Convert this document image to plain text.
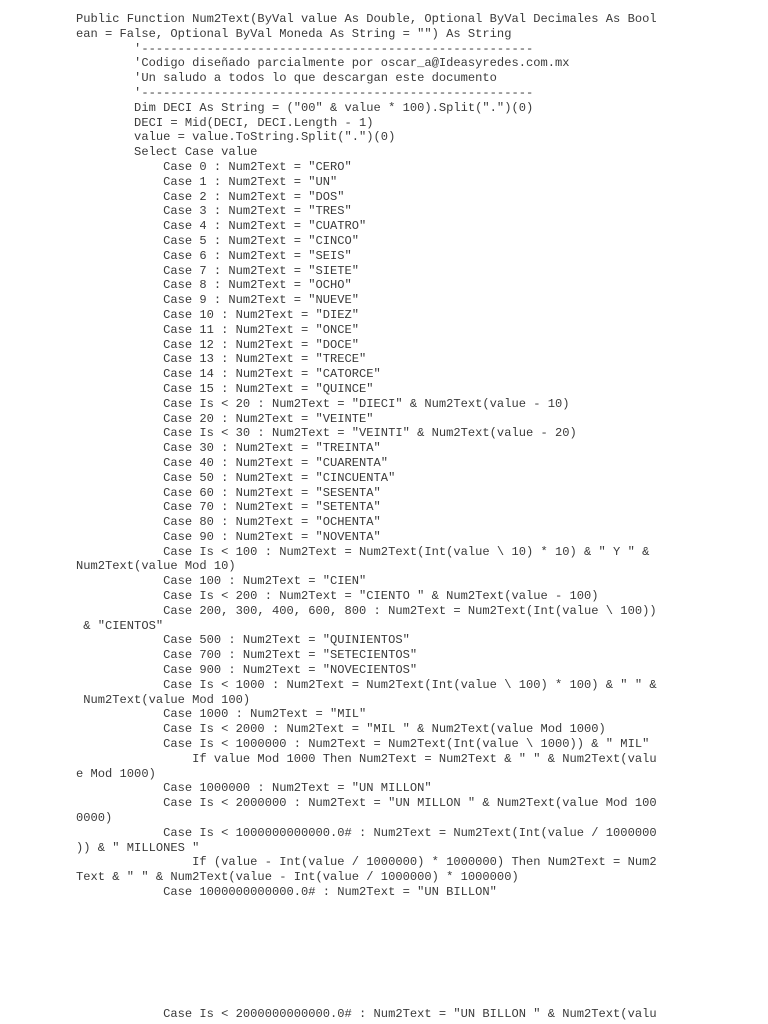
Public Function Num2Text(ByVal value As Double, Optional ByVal Decimales As Bool
ean = False, Optional ByVal Moneda As String = "") As String
'------------------------------------------------------
'Codigo diseñado parcialmente por oscar_a@Ideasyredes.com.mx
'Un saludo a todos lo que descargan este documento
'------------------------------------------------------
Dim DECI As String = ("00" & value * 100).Split(".")(0)
DECI = Mid(DECI, DECI.Length - 1)
value = value.ToString.Split(".")(0)
Select Case value
Case 0 : Num2Text = "CERO"
Case 1 : Num2Text = "UN"
Case 2 : Num2Text = "DOS"
Case 3 : Num2Text = "TRES"
Case 4 : Num2Text = "CUATRO"
Case 5 : Num2Text = "CINCO"
Case 6 : Num2Text = "SEIS"
Case 7 : Num2Text = "SIETE"
Case 8 : Num2Text = "OCHO"
Case 9 : Num2Text = "NUEVE"
Case 10 : Num2Text = "DIEZ"
Case 11 : Num2Text = "ONCE"
Case 12 : Num2Text = "DOCE"
Case 13 : Num2Text = "TRECE"
Case 14 : Num2Text = "CATORCE"
Case 15 : Num2Text = "QUINCE"
Case Is < 20 : Num2Text = "DIECI" & Num2Text(value - 10)
Case 20 : Num2Text = "VEINTE"
Case Is < 30 : Num2Text = "VEINTI" & Num2Text(value - 20)
Case 30 : Num2Text = "TREINTA"
Case 40 : Num2Text = "CUARENTA"
Case 50 : Num2Text = "CINCUENTA"
Case 60 : Num2Text = "SESENTA"
Case 70 : Num2Text = "SETENTA"
Case 80 : Num2Text = "OCHENTA"
Case 90 : Num2Text = "NOVENTA"
Case Is < 100 : Num2Text = Num2Text(Int(value \ 10) * 10) & " Y " &
Num2Text(value Mod 10)
Case 100 : Num2Text = "CIEN"
Case Is < 200 : Num2Text = "CIENTO " & Num2Text(value - 100)
Case 200, 300, 400, 600, 800 : Num2Text = Num2Text(Int(value \ 100))
& "CIENTOS"
Case 500 : Num2Text = "QUINIENTOS"
Case 700 : Num2Text = "SETECIENTOS"
Case 900 : Num2Text = "NOVECIENTOS"
Case Is < 1000 : Num2Text = Num2Text(Int(value \ 100) * 100) & " " &
Num2Text(value Mod 100)
Case 1000 : Num2Text = "MIL"
Case Is < 2000 : Num2Text = "MIL " & Num2Text(value Mod 1000)
Case Is < 1000000 : Num2Text = Num2Text(Int(value \ 1000)) & " MIL"
If value Mod 1000 Then Num2Text = Num2Text & " " & Num2Text(valu
e Mod 1000)
Case 1000000 : Num2Text = "UN MILLON"
Case Is < 2000000 : Num2Text = "UN MILLON " & Num2Text(value Mod 100
0000)
Case Is < 1000000000000.0# : Num2Text = Num2Text(Int(value / 1000000
)) & " MILLONES "
If (value - Int(value / 1000000) * 1000000) Then Num2Text = Num2
Text & " " & Num2Text(value - Int(value / 1000000) * 1000000)
Case 1000000000000.0# : Num2Text = "UN BILLON"
Case Is < 2000000000000.0# : Num2Text = "UN BILLON " & Num2Text(valu
